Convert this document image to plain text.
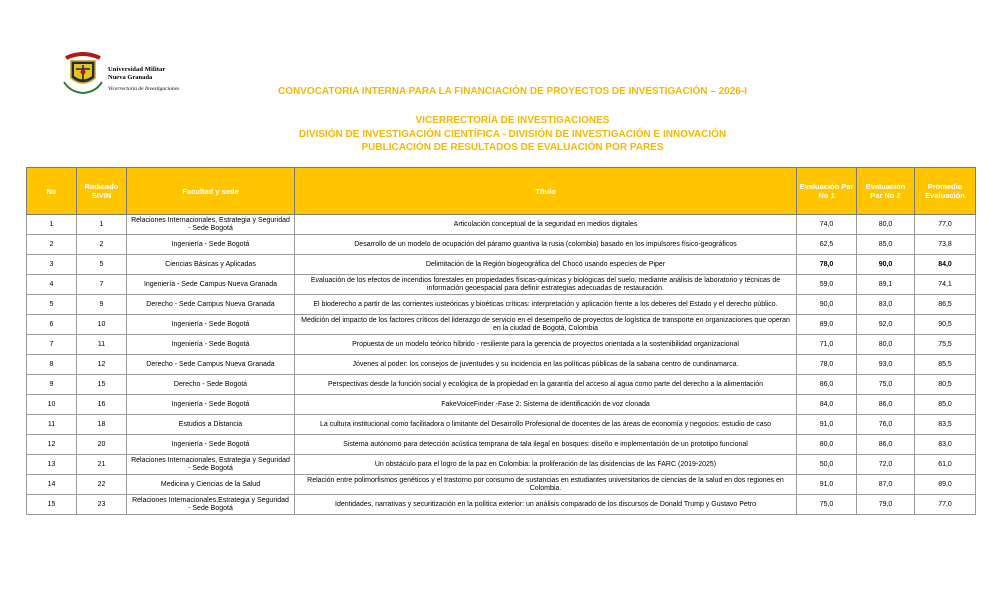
Universidad Militar
Nueva Granada
Vicerrectoría de Investigaciones	CONVOCATORIA INTERNA PARA LA FINANCIACIÓN DE PROYECTOS DE INVESTIGACIÓN – 2026-I
VICERRECTORÍA DE INVESTIGACIONES
DIVISIÓN DE INVESTIGACIÓN CIENTÍFICA - DIVISIÓN DE INVESTIGACIÓN E INNOVACIÓN
PUBLICACIÓN DE RESULTADOS DE EVALUACIÓN POR PARES
No	Radicado SIVIN	Facultad y sede	Título	Evaluación Par No 1	Evaluación Par No 2	Promedio Evaluación
1	1	Relaciones Internacionales, Estrategia y Seguridad - Sede Bogotá	Articulación conceptual de la seguridad en medios digitales	74,0	80,0	77,0
2	2	Ingeniería - Sede Bogotá	Desarrollo de un modelo de ocupación del páramo guantiva la rusia (colombia) basado en los impulsores físico-geográficos	62,5	85,0	73,8
3	5	Ciencias Básicas y Aplicadas	Delimitación de la Región biogeográfica del Chocó usando especies de Piper	78,0	90,0	84,0
4	7	Ingeniería - Sede Campus Nueva Granada	Evaluación de los efectos de incendios forestales en propiedades físicas-químicas y biológicas del suelo, mediante análisis de laboratorio y técnicas de información geoespacial para definir estrategias adecuadas de restauración.	59,0	89,1	74,1
5	9	Derecho - Sede Campus Nueva Granada	El bioderecho a partir de las corrientes iusteóricas y bioéticas críticas: interpretación y aplicación frente a los deberes del Estado y el derecho público.	90,0	83,0	86,5
6	10	Ingeniería - Sede Bogotá	Medición del impacto de los factores críticos del liderazgo de servicio en el desempeño de proyectos de logística de transporte en organizaciones que operan en la ciudad de Bogotá, Colombia	89,0	92,0	90,5
7	11	Ingeniería - Sede Bogotá	Propuesta de un modelo teórico híbrido - resiliente para la gerencia de proyectos orientada a la sostenibilidad organizacional	71,0	80,0	75,5
8	12	Derecho - Sede Campus Nueva Granada	Jóvenes al poder: los consejos de juventudes y su incidencia en las políticas públicas de la sabana centro de cundinamarca.	78,0	93,0	85,5
9	15	Derecho - Sede Bogotá	Perspectivas desde la función social y ecológica de la propiedad en la garantía del acceso al agua como parte del derecho a la alimentación	86,0	75,0	80,5
10	16	Ingeniería - Sede Bogotá	FakeVoiceFinder -Fase 2: Sistema de identificación de voz clonada	84,0	86,0	85,0
11	18	Estudios a Distancia	La cultura institucional como facilitadora o limitante del Desarrollo Profesional de docentes de las áreas de economía y negocios: estudio de caso	91,0	76,0	83,5
12	20	Ingeniería - Sede Bogotá	Sistema autónomo para detección acústica temprana de tala ilegal en bosques: diseño e implementación de un prototipo funcional	80,0	86,0	83,0
13	21	Relaciones Internacionales, Estrategia y Seguridad - Sede Bogotá	Un obstáculo para el logro de la paz en Colombia: la proliferación de las disidencias de las FARC (2019-2025)	50,0	72,0	61,0
14	22	Medicina y Ciencias de la Salud	Relación entre polimorfismos genéticos y el trastorno por consumo de sustancias en estudiantes universitarios de ciencias de la salud en dos regiones en Colombia.	91,0	87,0	89,0
15	23	Relaciones Internacionales,Estrategia y Seguridad - Sede Bogotá	Identidades, narrativas y securitización en la política exterior: un análisis comparado de los discursos de Donald Trump y Gustavo Petro	75,0	79,0	77,0
